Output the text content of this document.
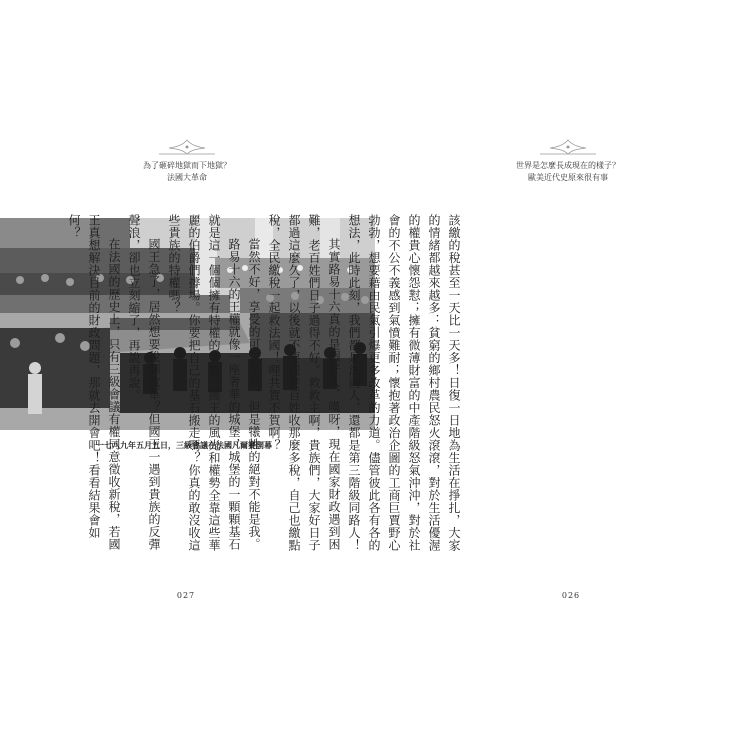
為了砸碎地獄而下地獄？
法國大革命
一七八九年五月五日，三級會議在法國凡爾賽開幕
027
世界是怎麼長成現在的樣子？
歐美近代史原來很有事

該繳的稅甚至一天比一天多！日復一日地為生活在掙扎，大家的情緒都越來越多：貧窮的鄉村農民怒火滾滾，對於生活優渥的權貴心懷怨懟；擁有微薄財富的中產階級怒氣沖沖，對於社會的不公不義感到氣憤難耐；懷抱著政治企圖的工商巨賈野心勃勃，想要藉由民氣引爆更多改革的力道。儘管彼此各有各的想法，此時此刻，我們都是法國人，還都是第三階級同路人！

其實路易十六真的是個好人，嘆呀，現在國家財政遇到困難，老百姓們日子過得不好。救救主啊，貴族們，大家好日子都過這麼久了，以後就不要跟老百姓收那麼多稅，自己也繳點稅，全民繳稅一起救法國！哩共賀不賀啊？

當然不好，享受的可以是我，但是犧牲的絕對不能是我。

路易十六的王權就像一座奢華的城堡，城堡的一顆顆基石就是這一個個擁有特權的貴族。國王的風光和權勢全靠這些華麗的伯爵們撐場。你要把自己的基石搬走嗎？你真的敢沒收這些貴族的特權嗎？

國王急了，居然想要稅制改革？但國王一遇到貴族的反彈聲浪，卻也立刻縮了，再說再說。

在法國的歷史上，只有三級會議有權同意徵收新稅，若國王真想解決目前的財政問題，那就去開會吧！看看結果會如何？

026
